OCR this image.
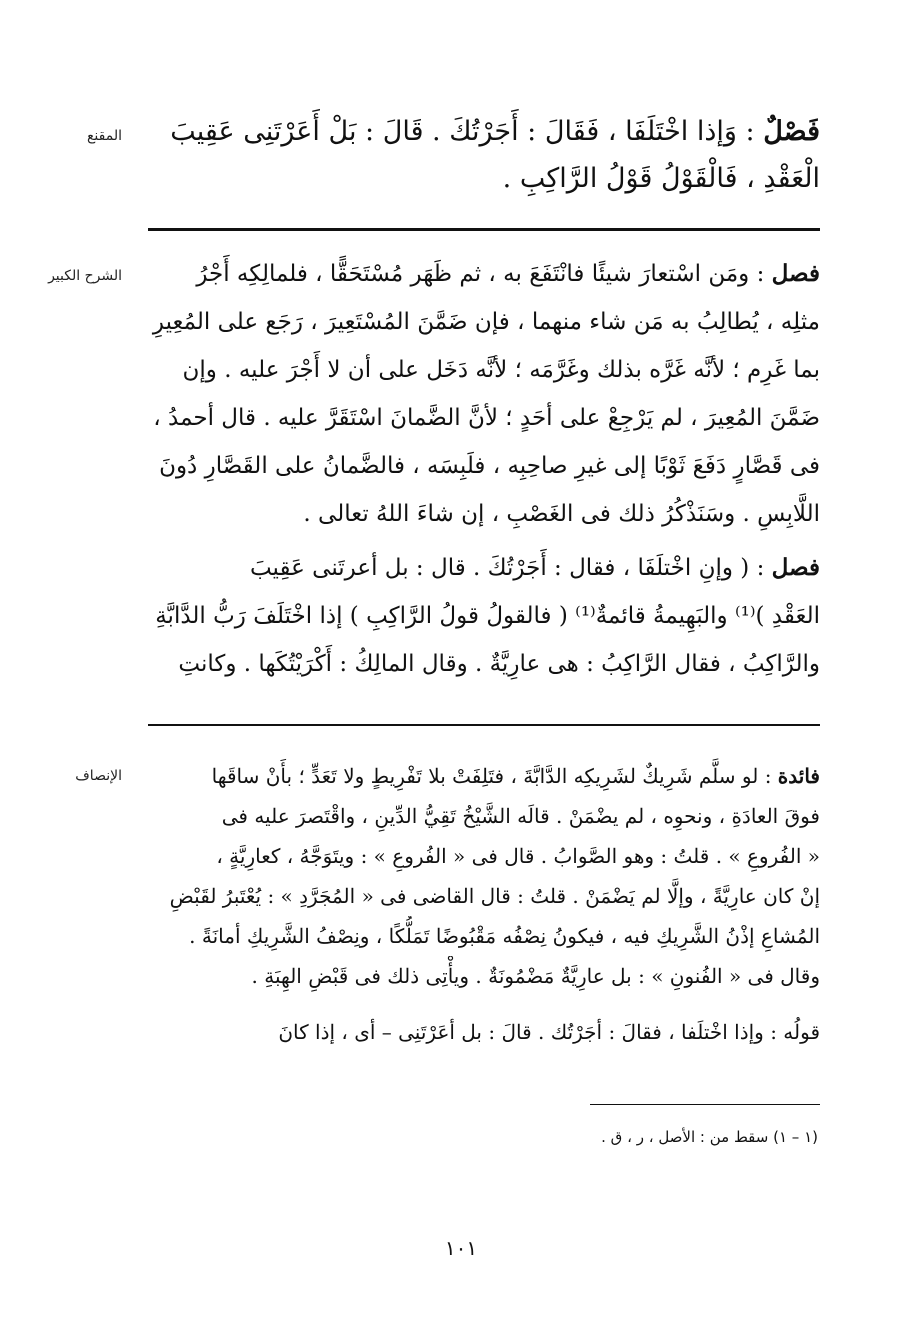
المقنع
الشرح الكبير
الإنصاف
فَصْلٌ : وَإذا اخْتَلَفَا ، فَقَالَ : أَجَرْتُكَ . قَالَ : بَلْ أَعَرْتَنِى عَقِيبَ
الْعَقْدِ ، فَالْقَوْلُ قَوْلُ الرَّاكِبِ .
فصل : ومَن اسْتعارَ شيئًا فانْتَفَعَ به ، ثم ظَهَر مُسْتَحَقًّا ، فلمالِكِه أَجْرُ
مثلِه ، يُطالِبُ به مَن شاء منهما ، فإن ضَمَّنَ المُسْتَعِيرَ ، رَجَع على المُعِيرِ
بما غَرِم ؛ لأنَّه غَرَّه بذلك وغَرَّمَه ؛ لأنَّه دَخَل على أن لا أَجْرَ عليه . وإن
ضَمَّنَ المُعِيرَ ، لم يَرْجِعْ على أحَدٍ ؛ لأنَّ الضَّمانَ اسْتَقَرَّ عليه . قال أحمدُ ،
فى قَصَّارٍ دَفَعَ ثَوْبًا إلى غيرِ صاحِبِه ، فلَبِسَه ، فالضَّمانُ على القَصَّارِ دُونَ
اللَّابِسِ . وسَنَذْكُرُ ذلك فى الغَصْبِ ، إن شاءَ اللهُ تعالى .
فصل : ( وإنِ اخْتلَفَا ، فقال : أَجَرْتُكَ . قال : بل أعرتَنى عَقِيبَ
العَقْدِ )⁽¹⁾ والبَهِيمةُ قائمةٌ⁽¹⁾ ( فالقولُ قولُ الرَّاكِبِ ) إذا اخْتَلَفَ رَبُّ الدَّابَّةِ
والرَّاكِبُ ، فقال الرَّاكِبُ : هى عارِيَّةٌ . وقال المالِكُ : أَكْرَيْتُكَها . وكانتِ
فائدة : لو سلَّم شَرِيكٌ لشَرِيكِه الدَّابَّةَ ، فتَلِفَتْ بلا تَفْرِيطٍ ولا تَعَدٍّ ؛ بأَنْ ساقَها
فوقَ العادَةِ ، ونحوِه ، لم يضْمَنْ . قالَه الشَّيْخُ تَقِيُّ الدِّينِ ، واقْتَصرَ عليه فى
« الفُروعِ » . قلتُ : وهو الصَّوابُ . قال فى « الفُروعِ » : ويتَوَجَّهُ ، كعارِيَّةٍ ،
إنْ كان عارِيَّةً ، وإلَّا لم يَضْمَنْ . قلتُ : قال القاضى فى « المُجَرَّدِ » : يُعْتَبرُ لقَبْضِ
المُشاعِ إذْنُ الشَّرِيكِ فيه ، فيكونُ نِصْفُه مَقْبُوضًا تَمَلُّكًا ، ونِصْفُ الشَّرِيكِ أمانَةً .
وقال فى « الفُنونِ » : بل عارِيَّةٌ مَضْمُونَةٌ . ويأْتِى ذلك فى قَبْضِ الهِبَةِ .
قولُه : وإذا اخْتلَفا ، فقالَ : أجَرْتُك . قالَ : بل أعَرْتَنِى – أى ، إذا كانَ
(١ – ١) سقط من : الأصل ، ر ، ق .
١٠١
